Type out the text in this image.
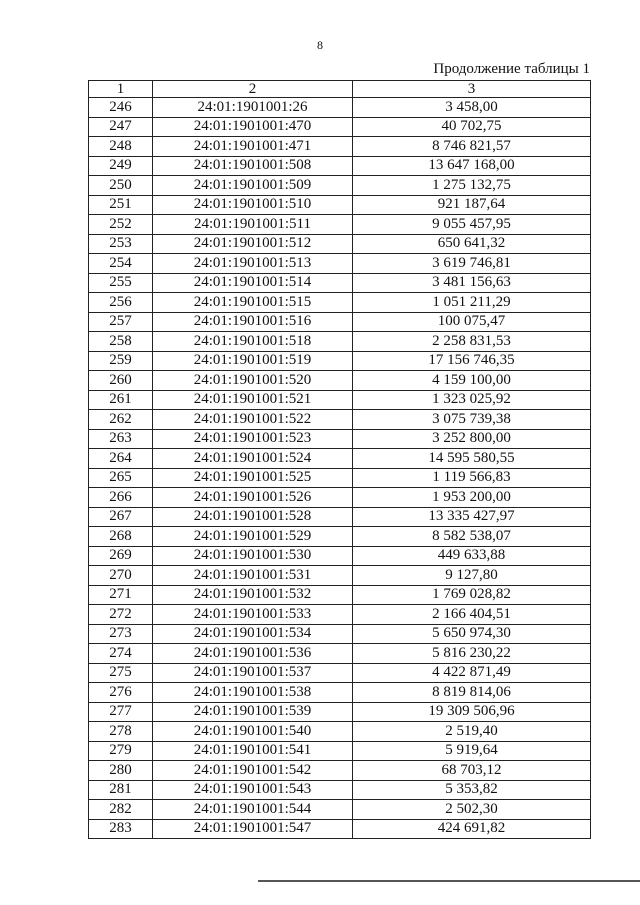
8
Продолжение таблицы 1
1	2	3
246	24:01:1901001:26	3 458,00
247	24:01:1901001:470	40 702,75
248	24:01:1901001:471	8 746 821,57
249	24:01:1901001:508	13 647 168,00
250	24:01:1901001:509	1 275 132,75
251	24:01:1901001:510	921 187,64
252	24:01:1901001:511	9 055 457,95
253	24:01:1901001:512	650 641,32
254	24:01:1901001:513	3 619 746,81
255	24:01:1901001:514	3 481 156,63
256	24:01:1901001:515	1 051 211,29
257	24:01:1901001:516	100 075,47
258	24:01:1901001:518	2 258 831,53
259	24:01:1901001:519	17 156 746,35
260	24:01:1901001:520	4 159 100,00
261	24:01:1901001:521	1 323 025,92
262	24:01:1901001:522	3 075 739,38
263	24:01:1901001:523	3 252 800,00
264	24:01:1901001:524	14 595 580,55
265	24:01:1901001:525	1 119 566,83
266	24:01:1901001:526	1 953 200,00
267	24:01:1901001:528	13 335 427,97
268	24:01:1901001:529	8 582 538,07
269	24:01:1901001:530	449 633,88
270	24:01:1901001:531	9 127,80
271	24:01:1901001:532	1 769 028,82
272	24:01:1901001:533	2 166 404,51
273	24:01:1901001:534	5 650 974,30
274	24:01:1901001:536	5 816 230,22
275	24:01:1901001:537	4 422 871,49
276	24:01:1901001:538	8 819 814,06
277	24:01:1901001:539	19 309 506,96
278	24:01:1901001:540	2 519,40
279	24:01:1901001:541	5 919,64
280	24:01:1901001:542	68 703,12
281	24:01:1901001:543	5 353,82
282	24:01:1901001:544	2 502,30
283	24:01:1901001:547	424 691,82
